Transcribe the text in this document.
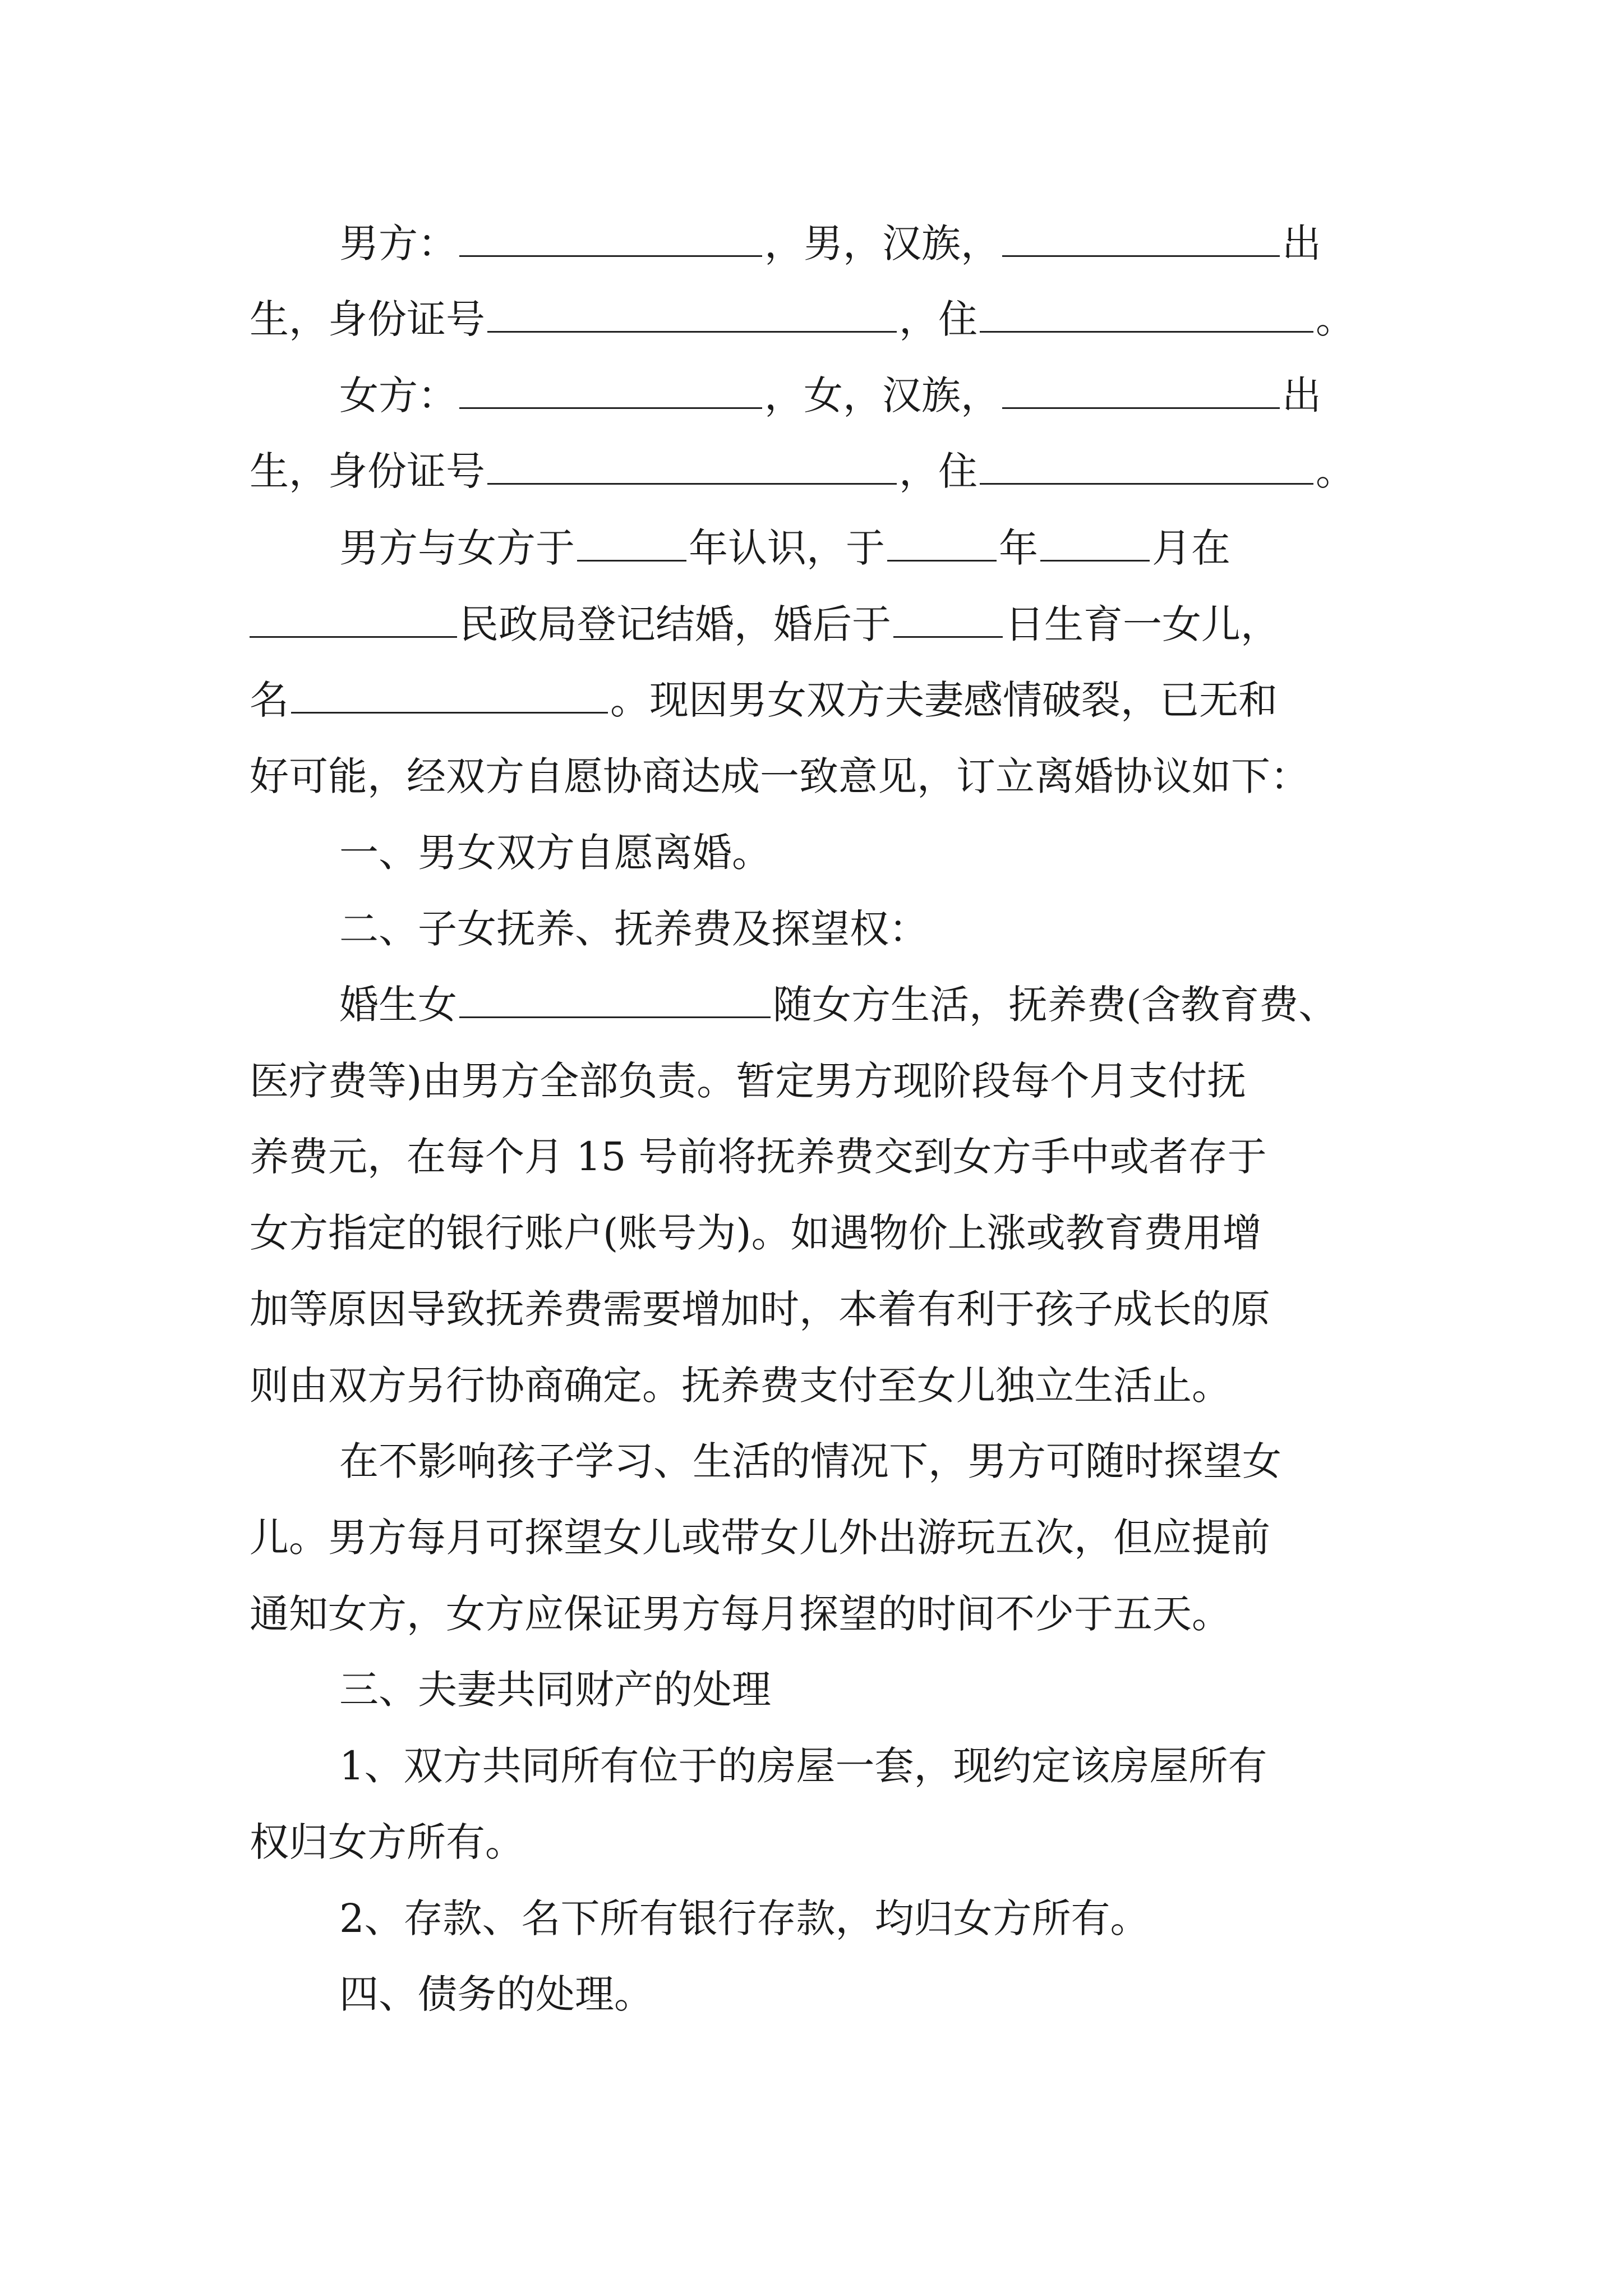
男方：	，男，汉族，	出
生，身份证号	，住	。
女方：	，女，汉族，	出
生，身份证号	，住	。
男方与女方于	年认识，于	年	月在
民政局登记结婚，婚后于	日生育一女儿，
名	。现因男女双方夫妻感情破裂，已无和
好可能，经双方自愿协商达成一致意见，订立离婚协议如下：
一、男女双方自愿离婚。
二、子女抚养、抚养费及探望权：
婚生女	随女方生活，抚养费(含教育费、
医疗费等)由男方全部负责。暂定男方现阶段每个月支付抚
养费元，在每个月 15 号前将抚养费交到女方手中或者存于
女方指定的银行账户(账号为)。如遇物价上涨或教育费用增
加等原因导致抚养费需要增加时，本着有利于孩子成长的原
则由双方另行协商确定。抚养费支付至女儿独立生活止。
在不影响孩子学习、生活的情况下，男方可随时探望女
儿。男方每月可探望女儿或带女儿外出游玩五次，但应提前
通知女方，女方应保证男方每月探望的时间不少于五天。
三、夫妻共同财产的处理
1、双方共同所有位于的房屋一套，现约定该房屋所有
权归女方所有。
2、存款、名下所有银行存款，均归女方所有。
四、债务的处理。
